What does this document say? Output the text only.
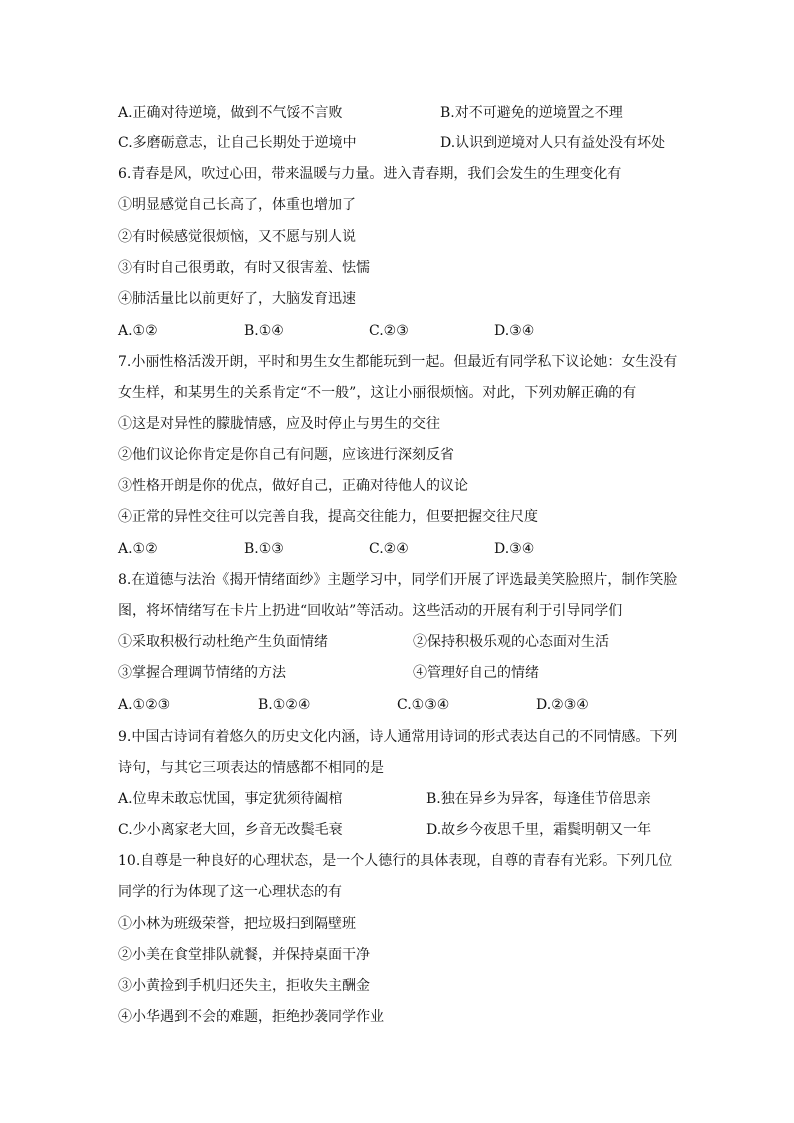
A.正确对待逆境，做到不气馁不言败	B.对不可避免的逆境置之不理
C.多磨砺意志，让自己长期处于逆境中	D.认识到逆境对人只有益处没有坏处
6.青春是风，吹过心田，带来温暖与力量。进入青春期，我们会发生的生理变化有
①明显感觉自己长高了，体重也增加了
②有时候感觉很烦恼，又不愿与别人说
③有时自己很勇敢，有时又很害羞、怯懦
④肺活量比以前更好了，大脑发育迅速
A.①②	B.①④	C.②③	D.③④
7.小丽性格活泼开朗，平时和男生女生都能玩到一起。但最近有同学私下议论她：女生没有
女生样，和某男生的关系肯定“不一般”，这让小丽很烦恼。对此，下列劝解正确的有
①这是对异性的朦胧情感，应及时停止与男生的交往
②他们议论你肯定是你自己有问题，应该进行深刻反省
③性格开朗是你的优点，做好自己，正确对待他人的议论
④正常的异性交往可以完善自我，提高交往能力，但要把握交往尺度
A.①②	B.①③	C.②④	D.③④
8.在道德与法治《揭开情绪面纱》主题学习中，同学们开展了评选最美笑脸照片，制作笑脸
图，将坏情绪写在卡片上扔进“回收站”等活动。这些活动的开展有利于引导同学们
①采取积极行动杜绝产生负面情绪	②保持积极乐观的心态面对生活
③掌握合理调节情绪的方法	④管理好自己的情绪
A.①②③	B.①②④	C.①③④	D.②③④
9.中国古诗词有着悠久的历史文化内涵，诗人通常用诗词的形式表达自己的不同情感。下列
诗句，与其它三项表达的情感都不相同的是
A.位卑未敢忘忧国，事定犹须待阖棺	B.独在异乡为异客，每逢佳节倍思亲
C.少小离家老大回，乡音无改鬓毛衰	D.故乡今夜思千里，霜鬓明朝又一年
10.自尊是一种良好的心理状态，是一个人德行的具体表现，自尊的青春有光彩。下列几位
同学的行为体现了这一心理状态的有
①小林为班级荣誉，把垃圾扫到隔壁班
②小美在食堂排队就餐，并保持桌面干净
③小黄捡到手机归还失主，拒收失主酬金
④小华遇到不会的难题，拒绝抄袭同学作业
